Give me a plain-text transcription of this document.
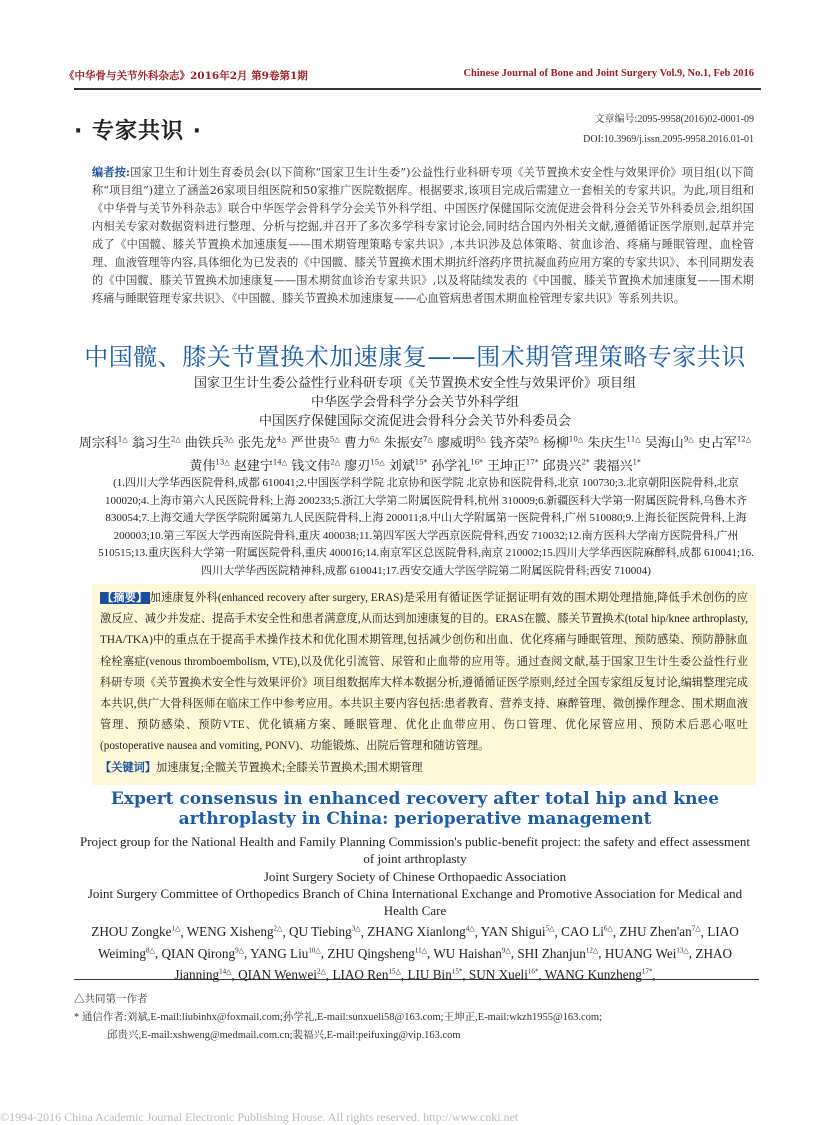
《中华骨与关节外科杂志》2016年2月 第9卷第1期	Chinese Journal of Bone and Joint Surgery Vol.9, No.1, Feb 2016
· 专家共识 ·	文章编号:2095-9958(2016)02-0001-09
DOI:10.3969/j.issn.2095-9958.2016.01-01
编者按:国家卫生和计划生育委员会(以下简称“国家卫生计生委”)公益性行业科研专项《关节置换术安全性与效果评价》项目组(以下简称“项目组”)建立了涵盖26家项目组医院和50家推广医院数据库。根据要求,该项目完成后需建立一套相关的专家共识。为此,项目组和《中华骨与关节外科杂志》联合中华医学会骨科学分会关节外科学组、中国医疗保健国际交流促进会骨科分会关节外科委员会,组织国内相关专家对数据资料进行整理、分析与挖掘,并召开了多次多学科专家讨论会,同时结合国内外相关文献,遵循循证医学原则,起草并完成了《中国髋、膝关节置换术加速康复——围术期管理策略专家共识》,本共识涉及总体策略、贫血诊治、疼痛与睡眠管理、血栓管理、血液管理等内容,具体细化为已发表的《中国髋、膝关节置换术围术期抗纤溶药序贯抗凝血药应用方案的专家共识》、本刊同期发表的《中国髋、膝关节置换术加速康复——围术期贫血诊治专家共识》,以及将陆续发表的《中国髋、膝关节置换术加速康复——围术期疼痛与睡眠管理专家共识》、《中国髋、膝关节置换术加速康复——心血管病患者围术期血栓管理专家共识》等系列共识。
中国髋、膝关节置换术加速康复——围术期管理策略专家共识
国家卫生计生委公益性行业科研专项《关节置换术安全性与效果评价》项目组
中华医学会骨科学分会关节外科学组
中国医疗保健国际交流促进会骨科分会关节外科委员会
周宗科$^{1\triangle}$ 翁习生$^{2\triangle}$ 曲铁兵$^{3\triangle}$ 张先龙$^{4\triangle}$ 严世贵$^{5\triangle}$ 曹力$^{6\triangle}$ 朱振安$^{7\triangle}$ 廖威明$^{8\triangle}$ 钱齐荣$^{9\triangle}$ 杨柳$^{10\triangle}$ 朱庆生$^{11\triangle}$ 吴海山$^{9\triangle}$ 史占军$^{12\triangle}$ 黄伟$^{13\triangle}$ 赵建宁$^{14\triangle}$ 钱文伟$^{2\triangle}$ 廖刃$^{15\triangle}$ 刘斌$^{15*}$ 孙学礼$^{16*}$ 王坤正$^{17*}$ 邱贵兴$^{2*}$ 裴福兴$^{1*}$
(1.四川大学华西医院骨科,成都 610041;2.中国医学科学院 北京协和医学院 北京协和医院骨科,北京 100730;3.北京朝阳医院骨科,北京 100020;4.上海市第六人民医院骨科;上海 200233;5.浙江大学第二附属医院骨科,杭州 310009;6.新疆医科大学第一附属医院骨科,乌鲁木齐 830054;7.上海交通大学医学院附属第九人民医院骨科,上海 200011;8.中山大学附属第一医院骨科,广州 510080;9.上海长征医院骨科,上海 200003;10.第三军医大学西南医院骨科,重庆 400038;11.第四军医大学西京医院骨科,西安 710032;12.南方医科大学南方医院骨科,广州 510515;13.重庆医科大学第一附属医院骨科,重庆 400016;14.南京军区总医院骨科,南京 210002;15.四川大学华西医院麻醉科,成都 610041;16.四川大学华西医院精神科,成都 610041;17.西安交通大学医学院第二附属医院骨科;西安 710004)
【摘要】 加速康复外科(enhanced recovery after surgery, ERAS)是采用有循证医学证据证明有效的围术期处理措施,降低手术创伤的应激反应、减少并发症、提高手术安全性和患者满意度,从而达到加速康复的目的。ERAS在髋、膝关节置换术(total hip/knee arthroplasty, THA/TKA)中的重点在于提高手术操作技术和优化围术期管理,包括减少创伤和出血、优化疼痛与睡眠管理、预防感染、预防静脉血栓栓塞症(venous thromboembolism, VTE),以及优化引流管、尿管和止血带的应用等。通过查阅文献,基于国家卫生计生委公益性行业科研专项《关节置换术安全性与效果评价》项目组数据库大样本数据分析,遵循循证医学原则,经过全国专家组反复讨论,编辑整理完成本共识,供广大骨科医师在临床工作中参考应用。本共识主要内容包括:患者教育、营养支持、麻醉管理、微创操作理念、围术期血液管理、预防感染、预防VTE、优化镇痛方案、睡眠管理、优化止血带应用、伤口管理、优化尿管应用、预防术后恶心呕吐(postoperative nausea and vomiting, PONV)、功能锻炼、出院后管理和随访管理。
【关键词】加速康复;全髋关节置换术;全膝关节置换术;围术期管理
Expert consensus in enhanced recovery after total hip and knee arthroplasty in China: perioperative management
Project group for the National Health and Family Planning Commission's public-benefit project: the safety and effect assessment of joint arthroplasty
Joint Surgery Society of Chinese Orthopaedic Association
Joint Surgery Committee of Orthopedics Branch of China International Exchange and Promotive Association for Medical and Health Care
ZHOU Zongke$^{1\triangle}$, WENG Xisheng$^{2\triangle}$, QU Tiebing$^{3\triangle}$, ZHANG Xianlong$^{4\triangle}$, YAN Shigui$^{5\triangle}$, CAO $Li^{6\triangle}$, ZHU $Zhen'an^{7\triangle}$, LIAO Weiming$^{8\triangle}$, QIAN Qirong$^{9\triangle}$, YANG Liu$^{10\triangle}$, ZHU Qingsheng$^{11\triangle}$, WU Haishan$^{9\triangle}$, SHI Zhanjun$^{12\triangle}$, HUANG Wei$^{13\triangle}$, ZHAO Jianning$^{14\triangle}$, QIAN Wenwei$^{2\triangle}$, LIAO Ren$^{15\triangle}$, LIU Bin$^{15*}$, SUN Xueli$^{16*}$, WANG Kunzheng$^{17*}$,
△共同第一作者
* 通信作者:刘斌,E-mail:liubinhx@foxmail.com;孙学礼,E-mail:sunxueli58@163.com;王坤正,E-mail:wkzh1955@163.com;
邱贵兴,E-mail:xshweng@medmail.com.cn;裴福兴,E-mail:peifuxing@vip.163.com
©1994-2016 China Academic Journal Electronic Publishing House. All rights reserved. http://www.cnki.net
